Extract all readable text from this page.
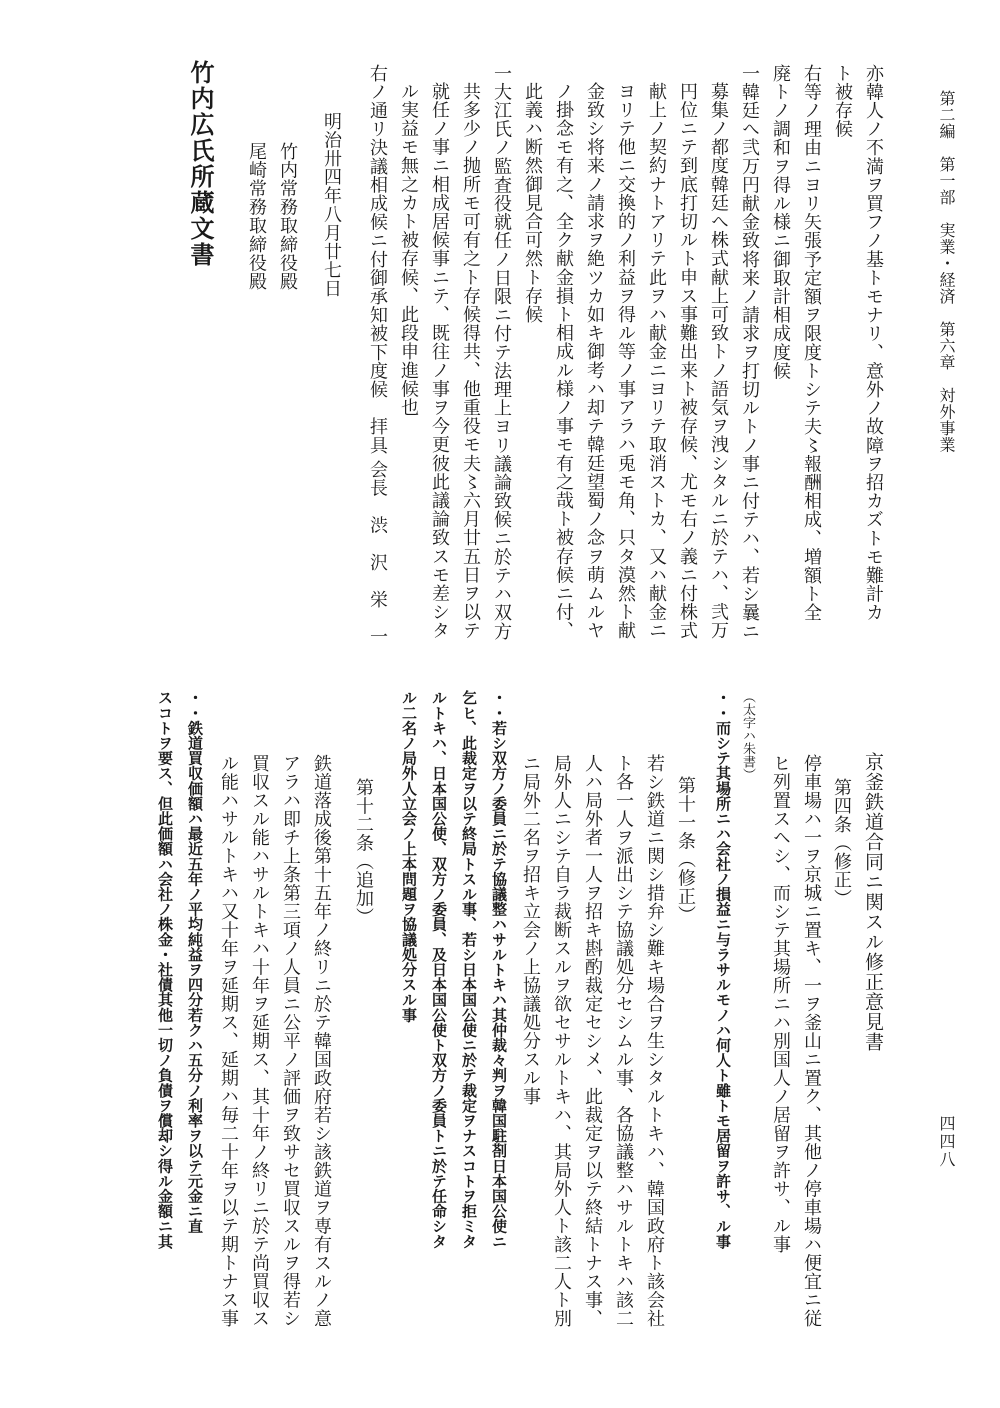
第二編　第一部　実業・経済　第六章　対外事業
四四八
亦韓人ノ不満ヲ買フノ基トモナリ、意外ノ故障ヲ招カズトモ難計カ
ト被存候
右等ノ理由ニヨリ矢張予定額ヲ限度トシテ夫〻報酬相成、増額ト全
廃トノ調和ヲ得ル様ニ御取計相成度候
一韓廷へ弐万円献金致将来ノ請求ヲ打切ルトノ事ニ付テハ、若シ曩ニ
募集ノ都度韓廷へ株式献上可致トノ語気ヲ洩シタルニ於テハ、弐万
円位ニテ到底打切ルト申ス事難出来ト被存候、尤モ右ノ義ニ付株式
献上ノ契約ナトアリテ此ヲハ献金ニヨリテ取消ストカ、又ハ献金ニ
ヨリテ他ニ交換的ノ利益ヲ得ル等ノ事アラハ兎モ角、只タ漠然ト献
金致シ将来ノ請求ヲ絶ツカ如キ御考ハ却テ韓廷望蜀ノ念ヲ萌ムルヤ
ノ掛念モ有之、全ク献金損ト相成ル様ノ事モ有之哉ト被存候ニ付、
此義ハ断然御見合可然ト存候
一大江氏ノ監査役就任ノ日限ニ付テ法理上ヨリ議論致候ニ於テハ双方
共多少ノ抛所モ可有之ト存候得共、他重役モ夫〻六月廿五日ヲ以テ
就任ノ事ニ相成居候事ニテ、既往ノ事ヲ今更彼此議論致スモ差シタ
ル実益モ無之カト被存候、此段申進候也
右ノ通リ決議相成候ニ付御承知被下度候　拝具
明治卅四年八月廿七日
会長　渋　沢　栄　一
竹内常務取締役殿
尾崎常務取締役殿
竹内広氏所蔵文書
京釜鉄道合同ニ関スル修正意見書
第四条（修正）
停車場ハ一ヲ京城ニ置キ、一ヲ釜山ニ置ク、其他ノ停車場ハ便宜ニ従
ヒ列置スヘシ、而シテ其場所ニハ別国人ノ居留ヲ許サ、ル事
（太字ハ朱書）
・・而シテ其場所ニハ会社ノ損益ニ与ラサルモノハ何人ト雖トモ居留ヲ許サ、ル事
第十一条（修正）
若シ鉄道ニ関シ措弁シ難キ場合ヲ生シタルトキハ、韓国政府ト該会社
ト各一人ヲ派出シテ協議処分セシムル事、各協議整ハサルトキハ該二
人ハ局外者一人ヲ招キ斟酌裁定セシメ、此裁定ヲ以テ終結トナス事、
局外人ニシテ自ラ裁断スルヲ欲セサルトキハ、其局外人ト該二人ト別
ニ局外二名ヲ招キ立会ノ上協議処分スル事
・・若シ双方ノ委員ニ於テ協議整ハサルトキハ其仲裁々判ヲ韓国駐剳日本国公使ニ
乞ヒ、此裁定ヲ以テ終局トスル事、若シ日本国公使ニ於テ裁定ヲナスコトヲ拒ミタ
ルトキハ、日本国公使、双方ノ委員、及日本国公使ト双方ノ委員トニ於テ任命シタ
ル二名ノ局外人立会ノ上本問題ヲ協議処分スル事
第十二条（追加）
鉄道落成後第十五年ノ終リニ於テ韓国政府若シ該鉄道ヲ専有スルノ意
アラハ即チ上条第三項ノ人員ニ公平ノ評価ヲ致サセ買収スルヲ得若シ
買収スル能ハサルトキハ十年ヲ延期ス、其十年ノ終リニ於テ尚買収ス
ル能ハサルトキハ又十年ヲ延期ス、延期ハ毎二十年ヲ以テ期トナス事
・・鉄道買収価額ハ最近五年ノ平均純益ヲ四分若クハ五分ノ利率ヲ以テ元金ニ直
スコトヲ要ス、但此価額ハ会社ノ株金・社債其他一切ノ負債ヲ償却シ得ル金額ニ其
